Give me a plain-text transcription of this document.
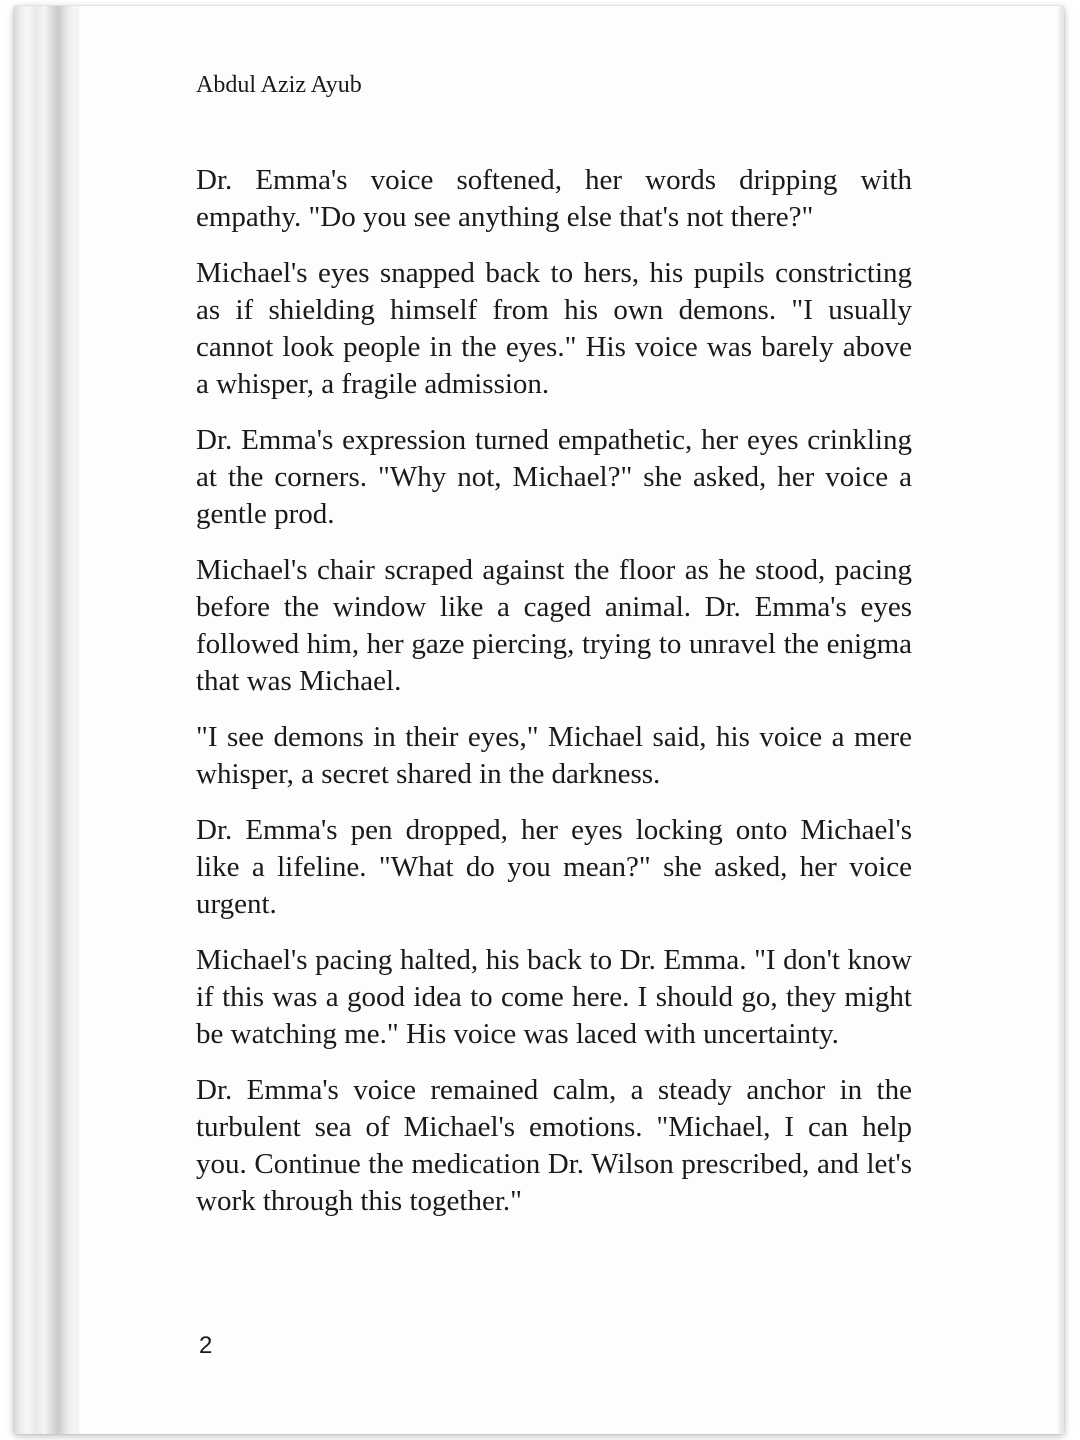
Abdul Aziz Ayub

Dr. Emma's voice softened, her words dripping with empathy. "Do you see anything else that's not there?"

Michael's eyes snapped back to hers, his pupils constricting as if shielding himself from his own demons. "I usually cannot look people in the eyes." His voice was barely above a whisper, a fragile admission.

Dr. Emma's expression turned empathetic, her eyes crinkling at the corners. "Why not, Michael?" she asked, her voice a gentle prod.

Michael's chair scraped against the floor as he stood, pacing before the window like a caged animal. Dr. Emma's eyes followed him, her gaze piercing, trying to unravel the enigma that was Michael.

"I see demons in their eyes," Michael said, his voice a mere whisper, a secret shared in the darkness.

Dr. Emma's pen dropped, her eyes locking onto Michael's like a lifeline. "What do you mean?" she asked, her voice urgent.

Michael's pacing halted, his back to Dr. Emma. "I don't know if this was a good idea to come here. I should go, they might be watching me." His voice was laced with uncertainty.

Dr. Emma's voice remained calm, a steady anchor in the turbulent sea of Michael's emotions. "Michael, I can help you. Continue the medication Dr. Wilson prescribed, and let's work through this together."

2
